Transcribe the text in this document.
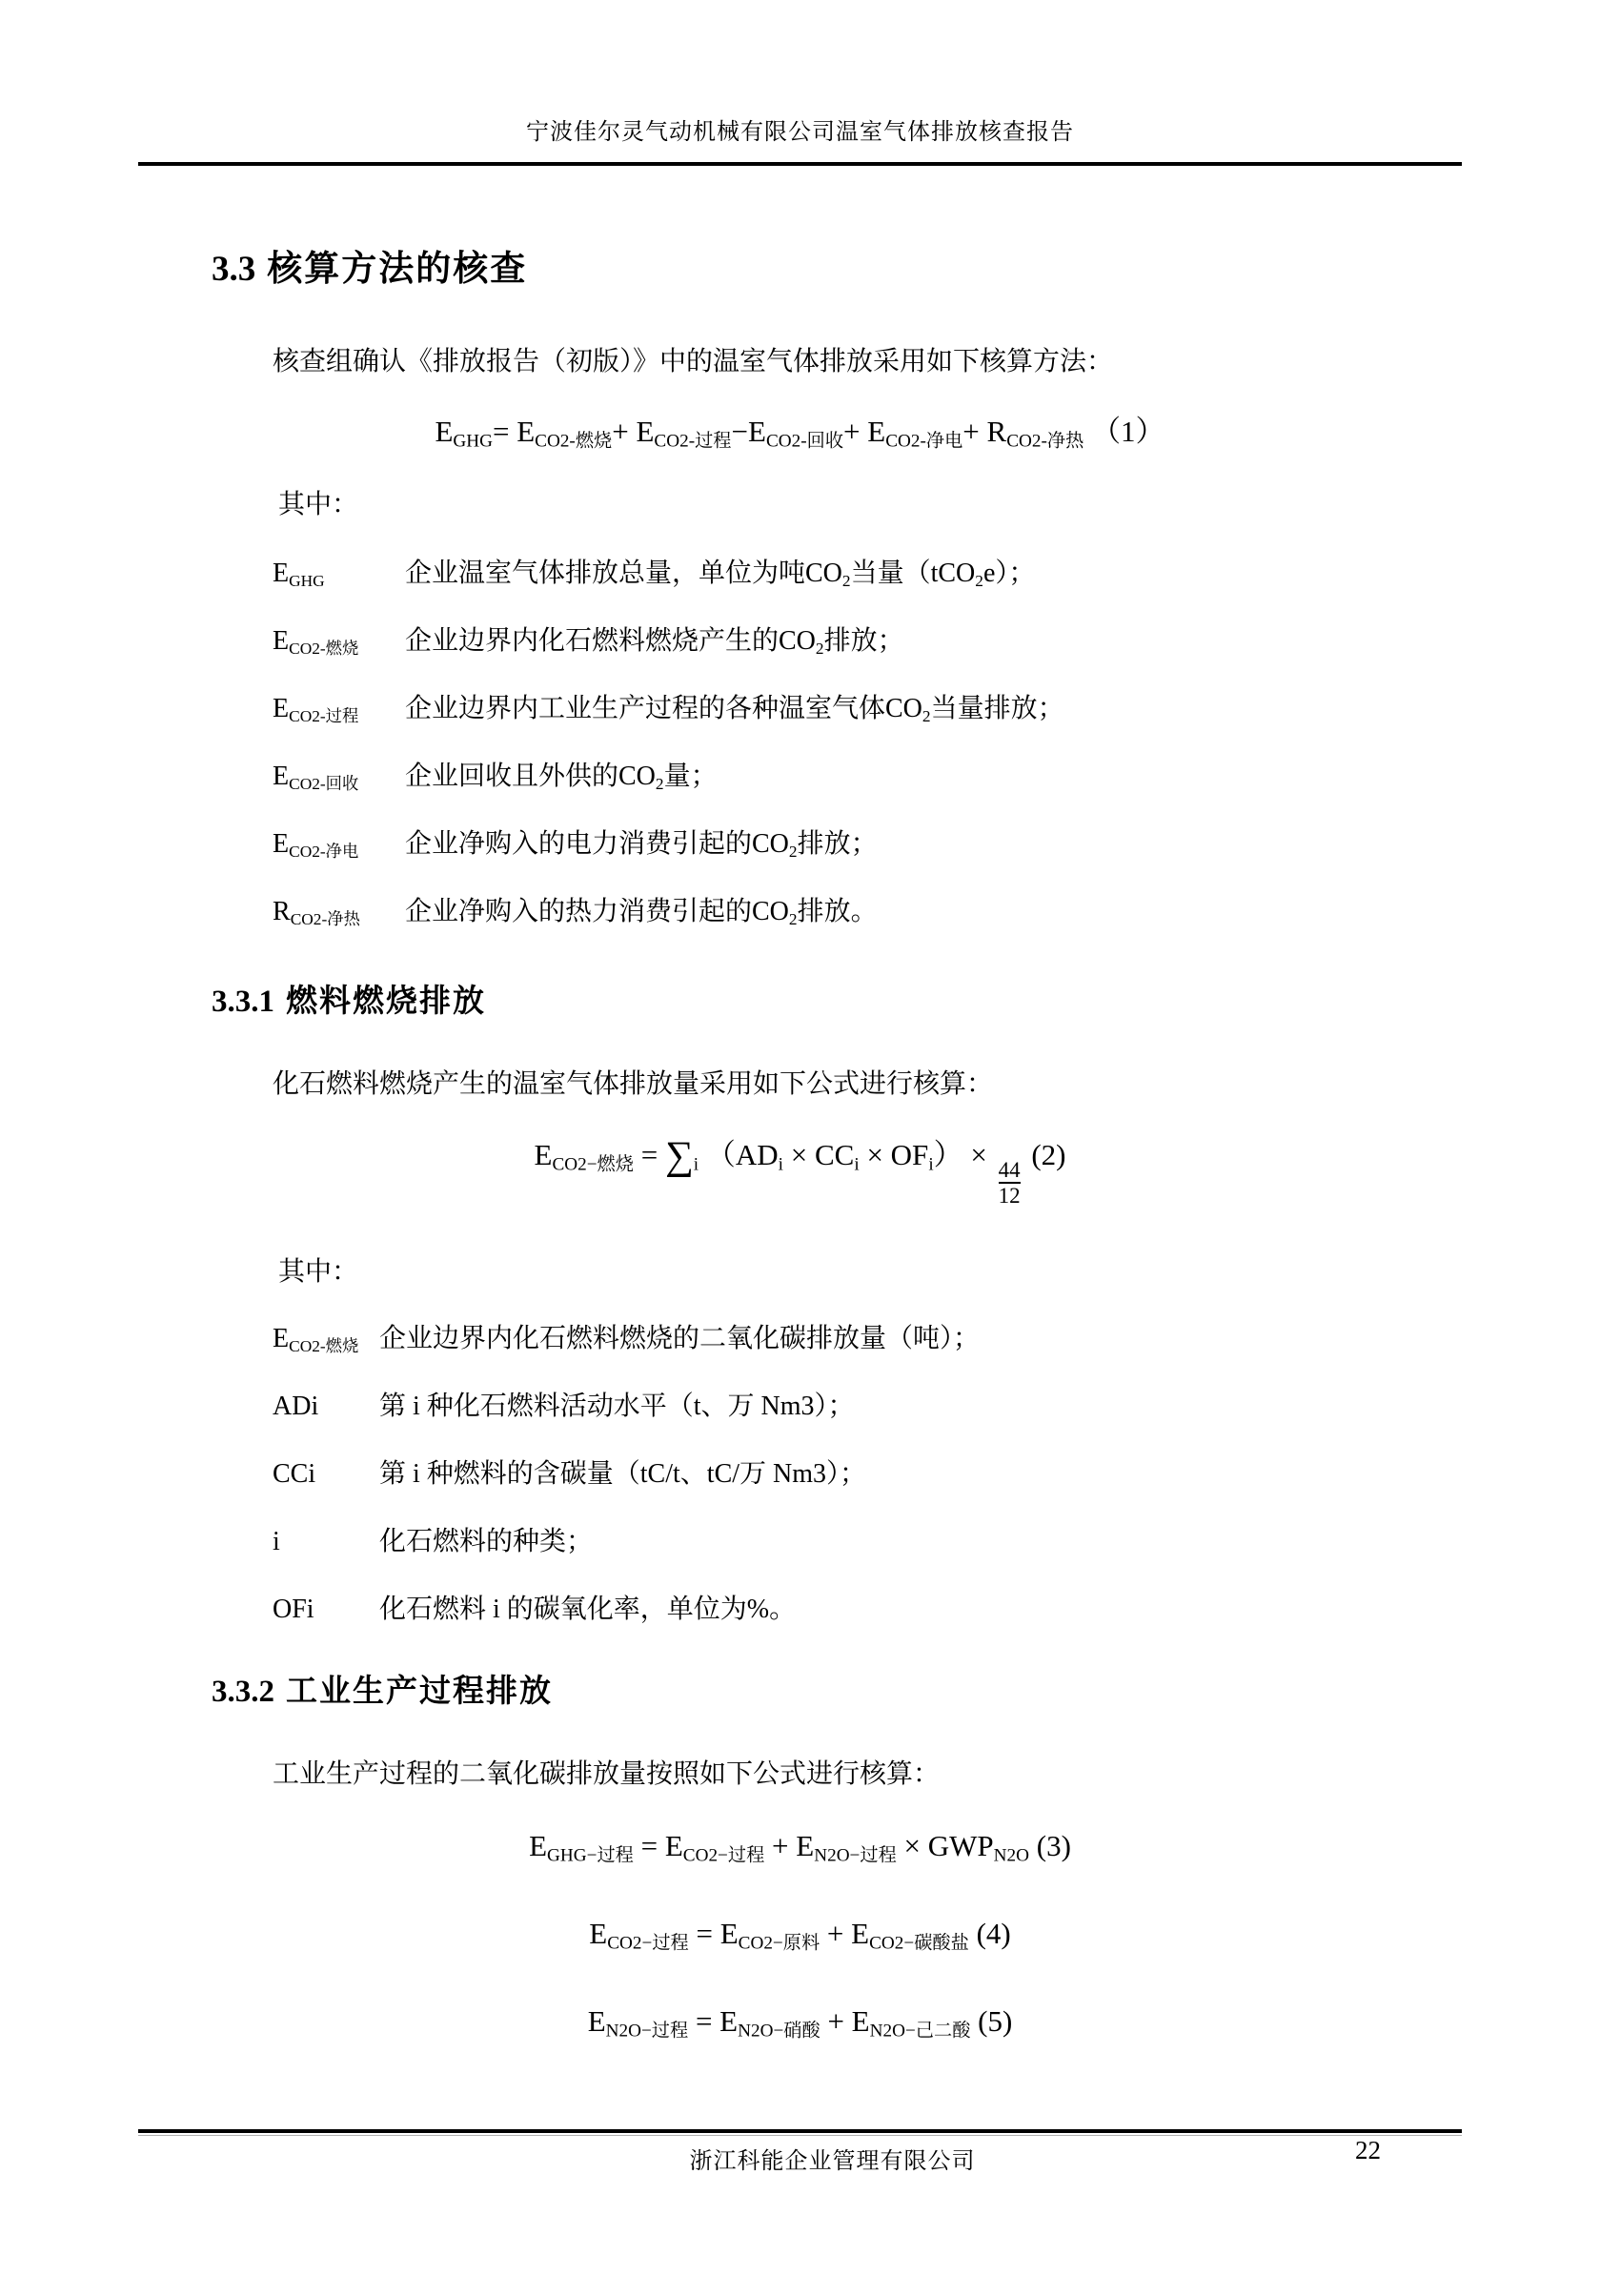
宁波佳尔灵气动机械有限公司温室气体排放核查报告
3.3 核算方法的核查

核查组确认《排放报告（初版）》中的温室气体排放采用如下核算方法：

$E_{GHG}= E_{CO2-燃烧}+ E_{CO2-过程}-E_{CO2-回收}+ E_{CO2-净电}+ R_{CO2-净热}$ （1）

其中：

$E_{GHG}$	企业温室气体排放总量，单位为吨$CO_2$当量（tCO$_2$e）；
$E_{CO2-燃烧}$	企业边界内化石燃料燃烧产生的$CO_2$排放；
$E_{CO2-过程}$	企业边界内工业生产过程的各种温室气体$CO_2$当量排放；
$E_{CO2-回收}$	企业回收且外供的$CO_2$量；
$E_{CO2-净电}$	企业净购入的电力消费引起的$CO_2$排放；
$R_{CO2-净热}$	企业净购入的热力消费引起的$CO_2$排放。
3.3.1 燃料燃烧排放

化石燃料燃烧产生的温室气体排放量采用如下公式进行核算：

$E_{CO2-燃烧} = \sum_i$ $(AD_i \times CC_i \times OF_i)$ ×
$\frac{44}{12}$
(2)

其中：

$E_{CO2-燃烧}$ 企业边界内化石燃料燃烧的二氧化碳排放量（吨）；
ADi	第 i 种化石燃料活动水平（t、万 Nm3）；
CCi	第 i 种燃料的含碳量（tC/t、tC/万 Nm3）；
i	化石燃料的种类；
OFi	化石燃料 i 的碳氧化率，单位为%。
3.3.2 工业生产过程排放

工业生产过程的二氧化碳排放量按照如下公式进行核算：

$E_{GHG-过程} = E_{CO2-过程} + E_{N2O-过程} \times GWP_{N2O}$ (3)
$E_{CO2-过程} = E_{CO2-原料} + E_{CO2-碳酸盐}$ (4)
$E_{N2O-过程} = E_{N2O-硝酸} + E_{N2O-己二酸}$ (5)
浙江科能企业管理有限公司	22
